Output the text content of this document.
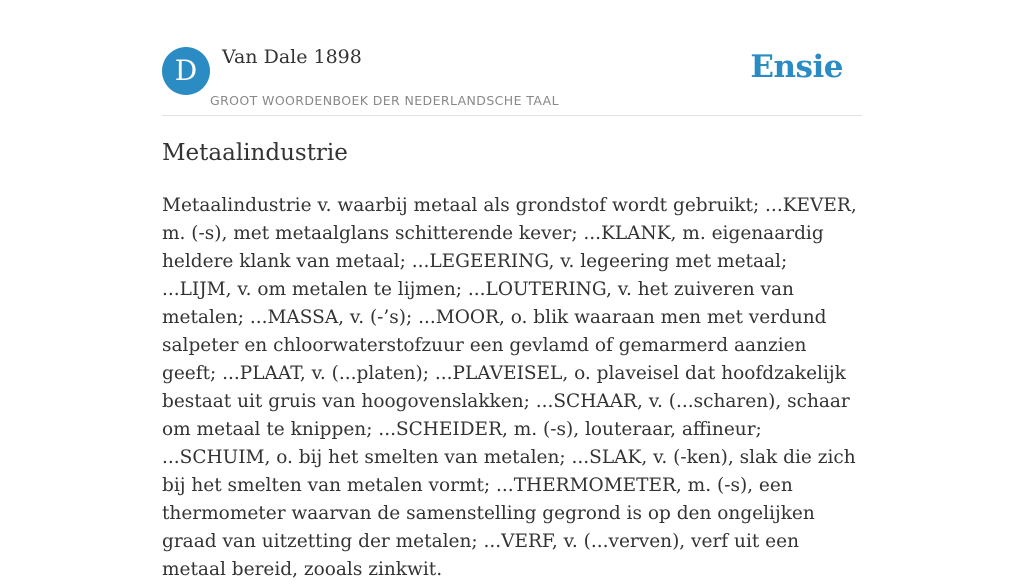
D	Van Dale 1898
GROOT WOORDENBOEK DER NEDERLANDSCHE TAAL
Ensie
Metaalindustrie

Metaalindustrie v. waarbij metaal als grondstof wordt gebruikt; ...KEVER, m. (-s), met metaalglans schitterende kever; ...KLANK, m. eigenaardig heldere klank van metaal; ...LEGEERING, v. legeering met metaal; ...LIJM, v. om metalen te lijmen; ...LOUTERING, v. het zuiveren van metalen; ...MASSA, v. (-’s); ...MOOR, o. blik waaraan men met verdund salpeter en chloorwaterstofzuur een gevlamd of gemarmerd aanzien geeft; ...PLAAT, v. (...platen); ...PLAVEISEL, o. plaveisel dat hoofdzakelijk bestaat uit gruis van hoogovenslakken; ...SCHAAR, v. (...scharen), schaar om metaal te knippen; ...SCHEIDER, m. (-s), louteraar, affineur; ...SCHUIM, o. bij het smelten van metalen; ...SLAK, v. (-ken), slak die zich bij het smelten van metalen vormt; ...THERMOMETER, m. (-s), een thermometer waarvan de samenstelling gegrond is op den ongelijken graad van uitzetting der metalen; ...VERF, v. (...verven), verf uit een metaal bereid, zooals zinkwit.
